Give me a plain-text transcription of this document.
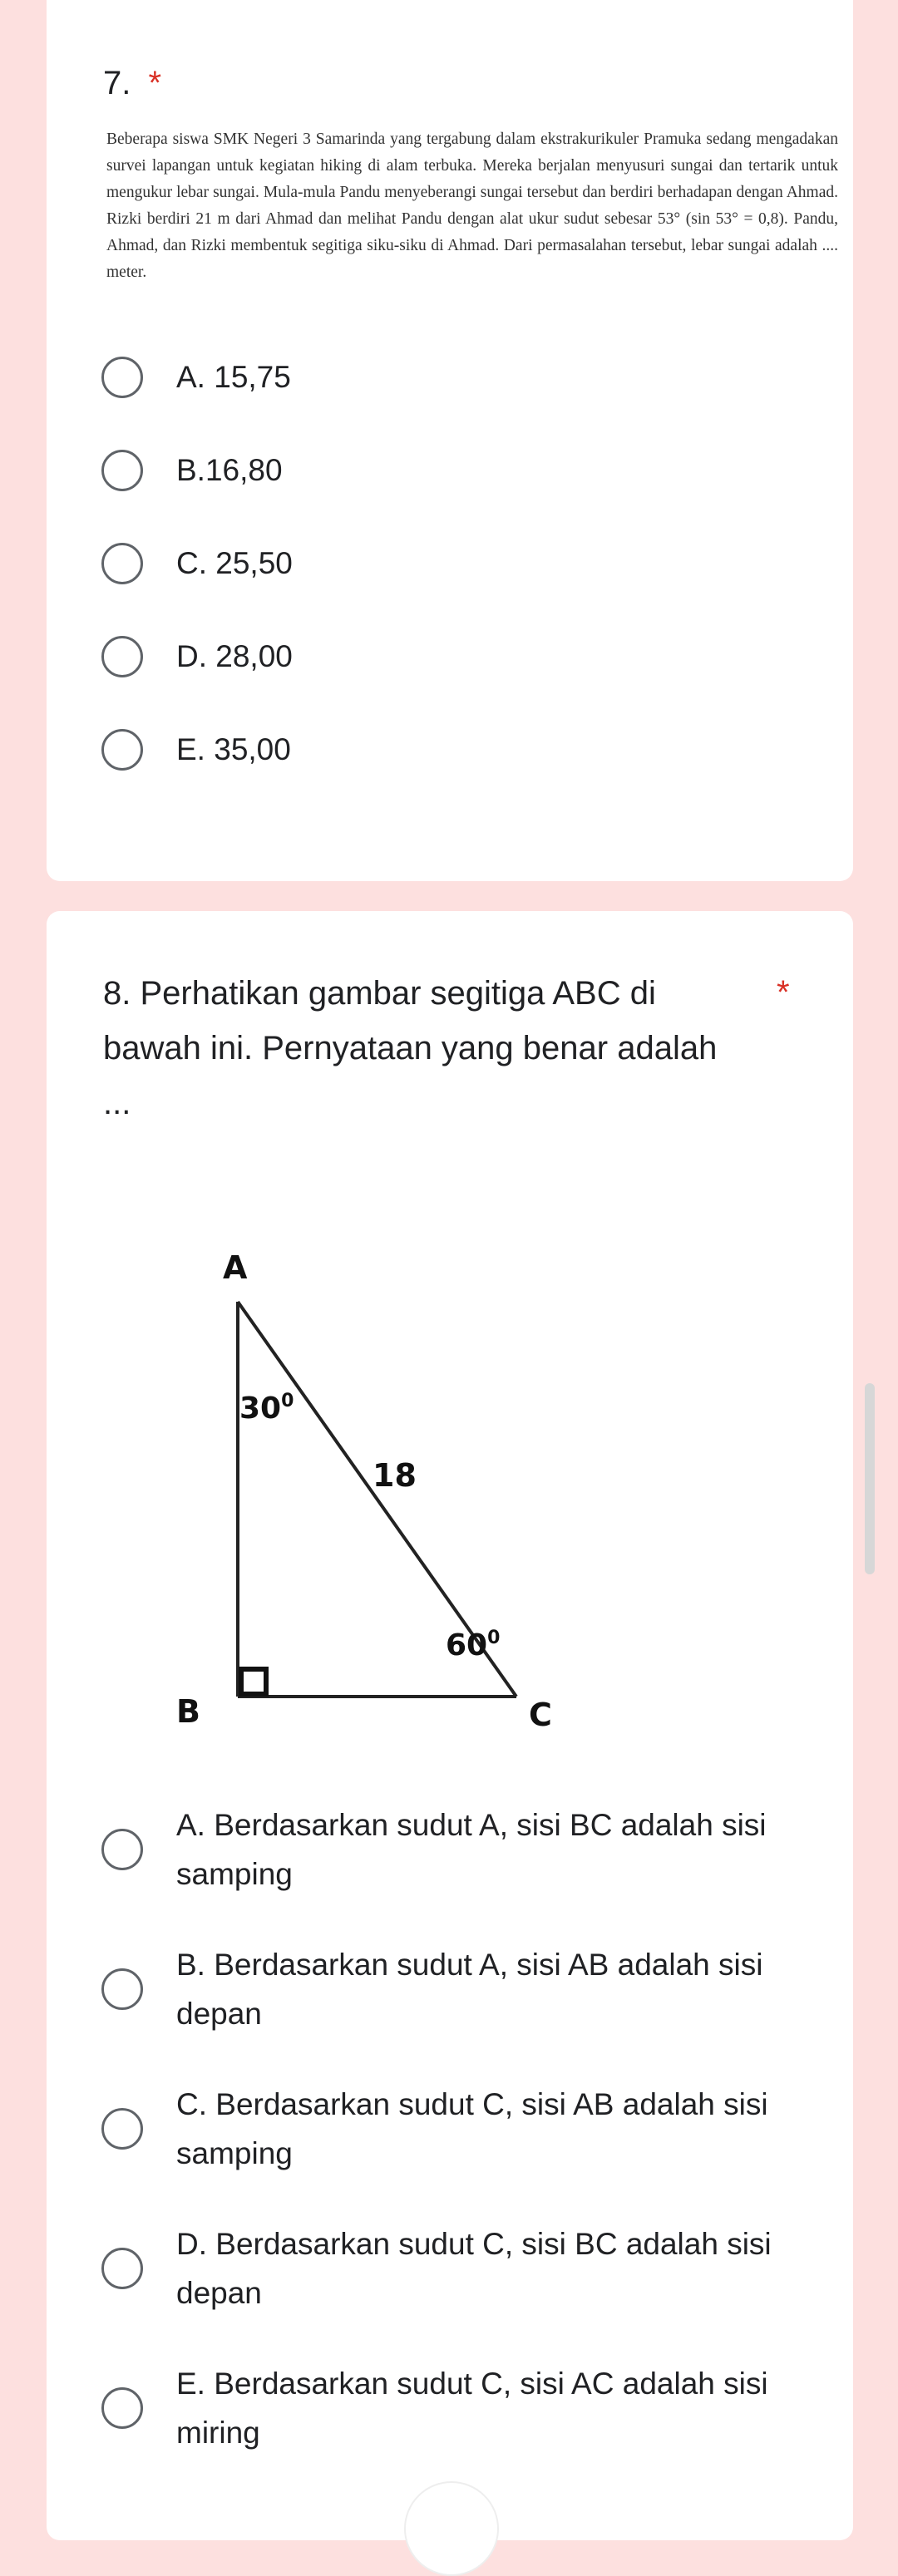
7. *

Beberapa siswa SMK Negeri 3 Samarinda yang tergabung dalam ekstrakurikuler Pramuka sedang mengadakan survei lapangan untuk kegiatan hiking di alam terbuka. Mereka berjalan menyusuri sungai dan tertarik untuk mengukur lebar sungai. Mula-mula Pandu menyeberangi sungai tersebut dan berdiri berhadapan dengan Ahmad. Rizki berdiri 21 m dari Ahmad dan melihat Pandu dengan alat ukur sudut sebesar 53° (sin 53° = 0,8). Pandu, Ahmad, dan Rizki membentuk segitiga siku-siku di Ahmad. Dari permasalahan tersebut, lebar sungai adalah .... meter.

A. 15,75
B.16,80
C. 25,50
D. 28,00
E. 35,00
8. Perhatikan gambar segitiga ABC di bawah ini. Pernyataan yang benar adalah ...
*
A
B	C
$30^0$
$60^0$
18
A. Berdasarkan sudut A, sisi BC adalah sisi samping
B. Berdasarkan sudut A, sisi AB adalah sisi depan
C. Berdasarkan sudut C, sisi AB adalah sisi samping
D. Berdasarkan sudut C, sisi BC adalah sisi depan
E. Berdasarkan sudut C, sisi AC adalah sisi miring
